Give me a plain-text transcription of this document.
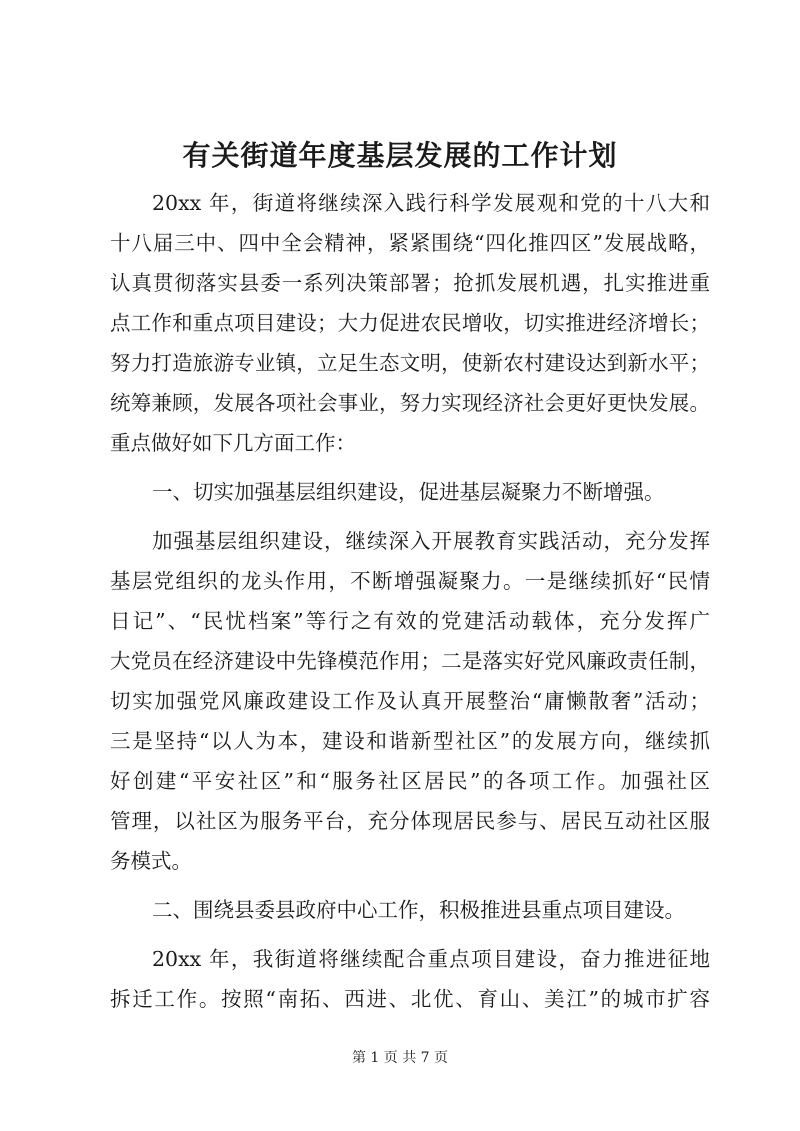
有关街道年度基层发展的工作计划
20xx 年，街道将继续深入践行科学发展观和党的十八大和
十八届三中、四中全会精神，紧紧围绕“四化推四区”发展战略，
认真贯彻落实县委一系列决策部署；抢抓发展机遇，扎实推进重
点工作和重点项目建设；大力促进农民增收，切实推进经济增长；
努力打造旅游专业镇，立足生态文明，使新农村建设达到新水平；
统筹兼顾，发展各项社会事业，努力实现经济社会更好更快发展。
重点做好如下几方面工作：
一、切实加强基层组织建设，促进基层凝聚力不断增强。
加强基层组织建设，继续深入开展教育实践活动，充分发挥
基层党组织的龙头作用，不断增强凝聚力。一是继续抓好“民情
日记”、“民忧档案”等行之有效的党建活动载体，充分发挥广
大党员在经济建设中先锋模范作用；二是落实好党风廉政责任制，
切实加强党风廉政建设工作及认真开展整治“庸懒散奢”活动；
三是坚持“以人为本，建设和谐新型社区”的发展方向，继续抓
好创建“平安社区”和“服务社区居民”的各项工作。加强社区
管理，以社区为服务平台，充分体现居民参与、居民互动社区服
务模式。
二、围绕县委县政府中心工作，积极推进县重点项目建设。
20xx 年，我街道将继续配合重点项目建设，奋力推进征地
拆迁工作。按照“南拓、西进、北优、育山、美江”的城市扩容
第 1 页 共 7 页
